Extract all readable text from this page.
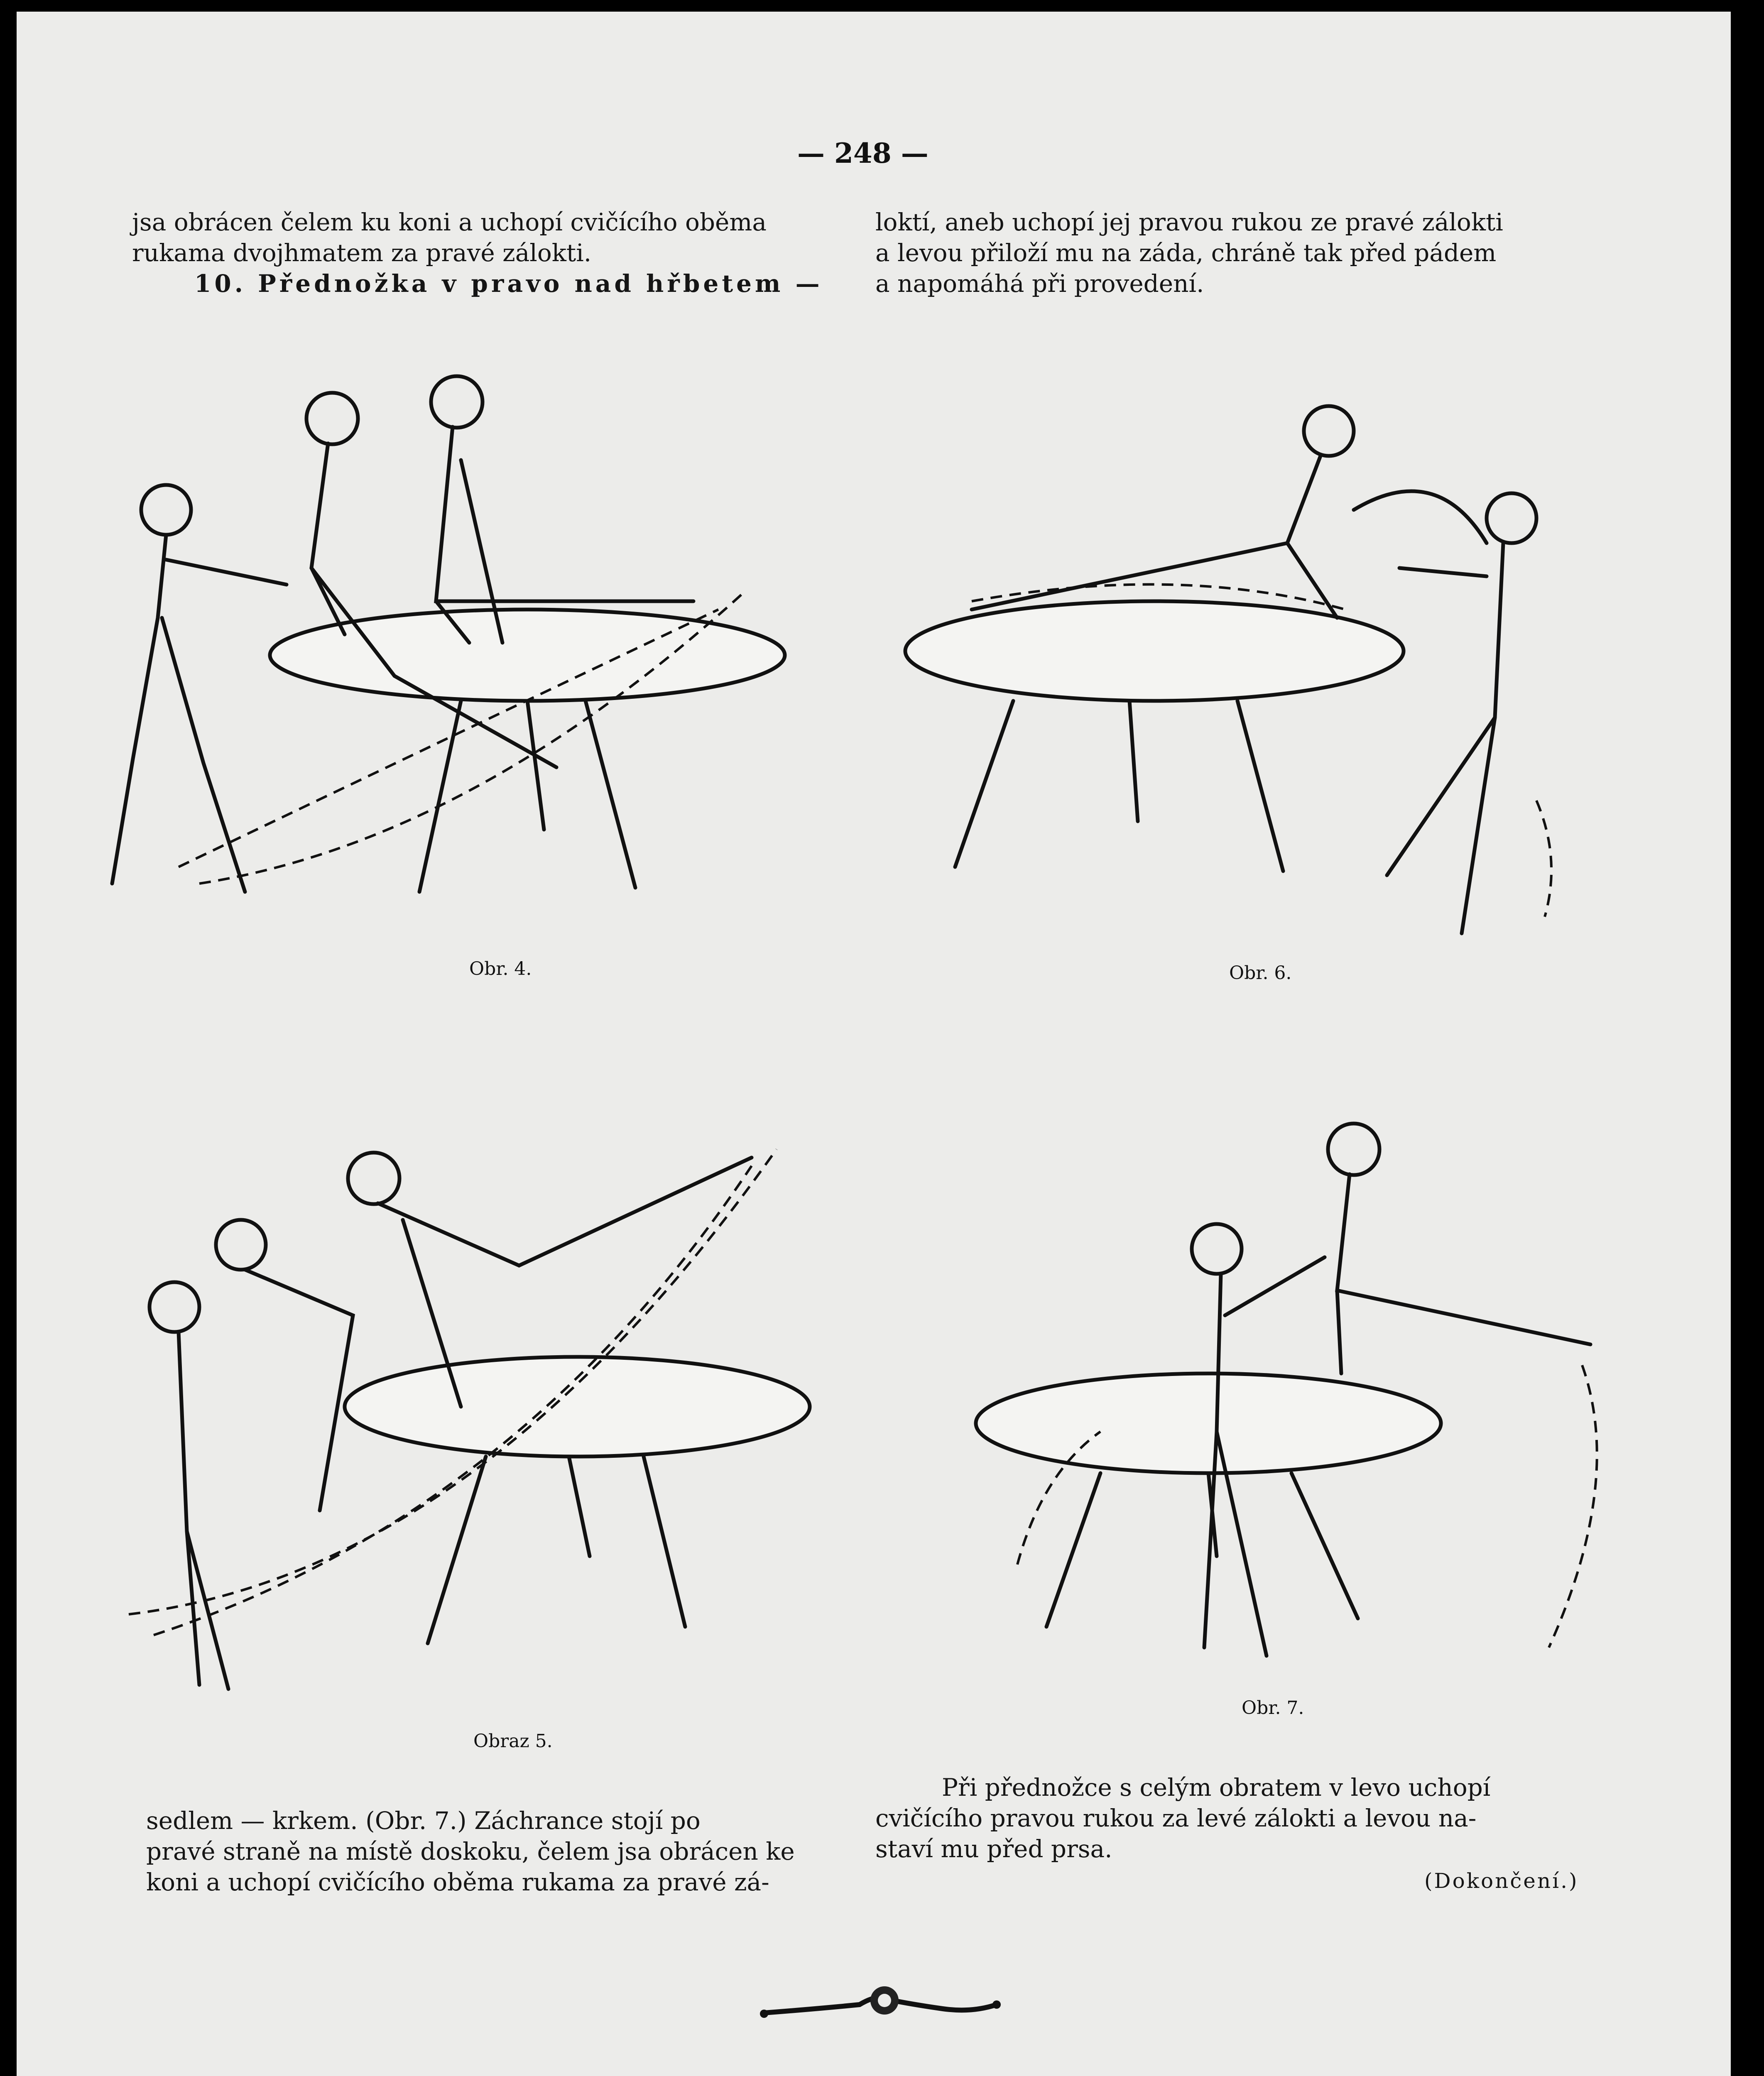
— 248 —

jsa obrácen čelem ku koni a uchopí cvičícího oběma

rukama dvojhmatem za pravé zálokti.

10. Přednožka v pravo nad hřbetem —

loktí, aneb uchopí jej pravou rukou ze pravé zálokti

a levou přiloží mu na záda, chráně tak před pádem

a napomáhá při provedení.

Obr. 4.	Obr. 6.
Obraz 5.
Obr. 7.

sedlem — krkem. (Obr. 7.) Záchrance stojí po

pravé straně na místě doskoku, čelem jsa obrácen ke

koni a uchopí cvičícího oběma rukama za pravé zá-

Při přednožce s celým obratem v levo uchopí

cvičícího pravou rukou za levé zálokti a levou na-

staví mu před prsa.

(Dokončení.)
